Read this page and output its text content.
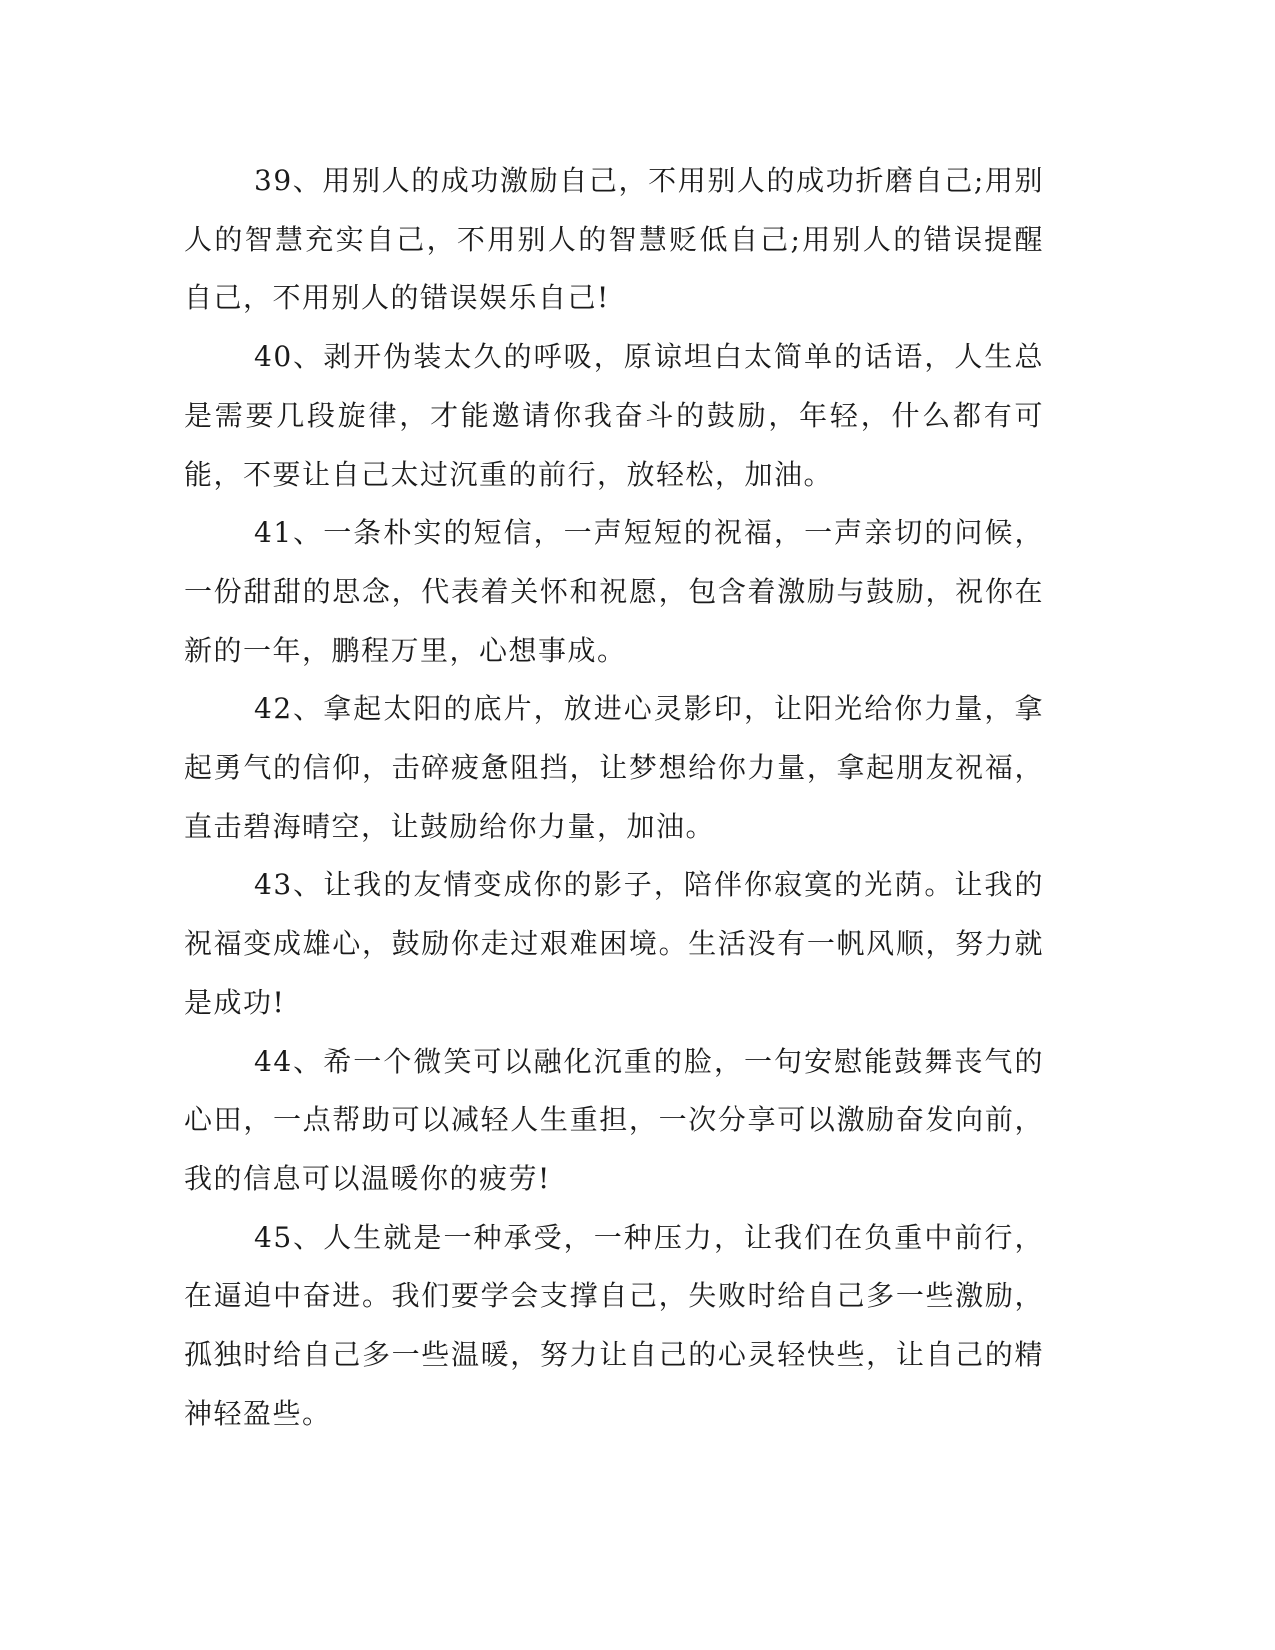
39、用别人的成功激励自己，不用别人的成功折磨自己;用别人的智慧充实自己，不用别人的智慧贬低自己;用别人的错误提醒自己，不用别人的错误娱乐自己!

40、剥开伪装太久的呼吸，原谅坦白太简单的话语，人生总是需要几段旋律，才能邀请你我奋斗的鼓励，年轻，什么都有可能，不要让自己太过沉重的前行，放轻松，加油。

41、一条朴实的短信，一声短短的祝福，一声亲切的问候，一份甜甜的思念，代表着关怀和祝愿，包含着激励与鼓励，祝你在新的一年，鹏程万里，心想事成。

42、拿起太阳的底片，放进心灵影印，让阳光给你力量，拿起勇气的信仰，击碎疲惫阻挡，让梦想给你力量，拿起朋友祝福，直击碧海晴空，让鼓励给你力量，加油。

43、让我的友情变成你的影子，陪伴你寂寞的光荫。让我的祝福变成雄心，鼓励你走过艰难困境。生活没有一帆风顺，努力就是成功!

44、希一个微笑可以融化沉重的脸，一句安慰能鼓舞丧气的心田，一点帮助可以减轻人生重担，一次分享可以激励奋发向前，我的信息可以温暖你的疲劳!

45、人生就是一种承受，一种压力，让我们在负重中前行，在逼迫中奋进。我们要学会支撑自己，失败时给自己多一些激励，孤独时给自己多一些温暖，努力让自己的心灵轻快些，让自己的精神轻盈些。
